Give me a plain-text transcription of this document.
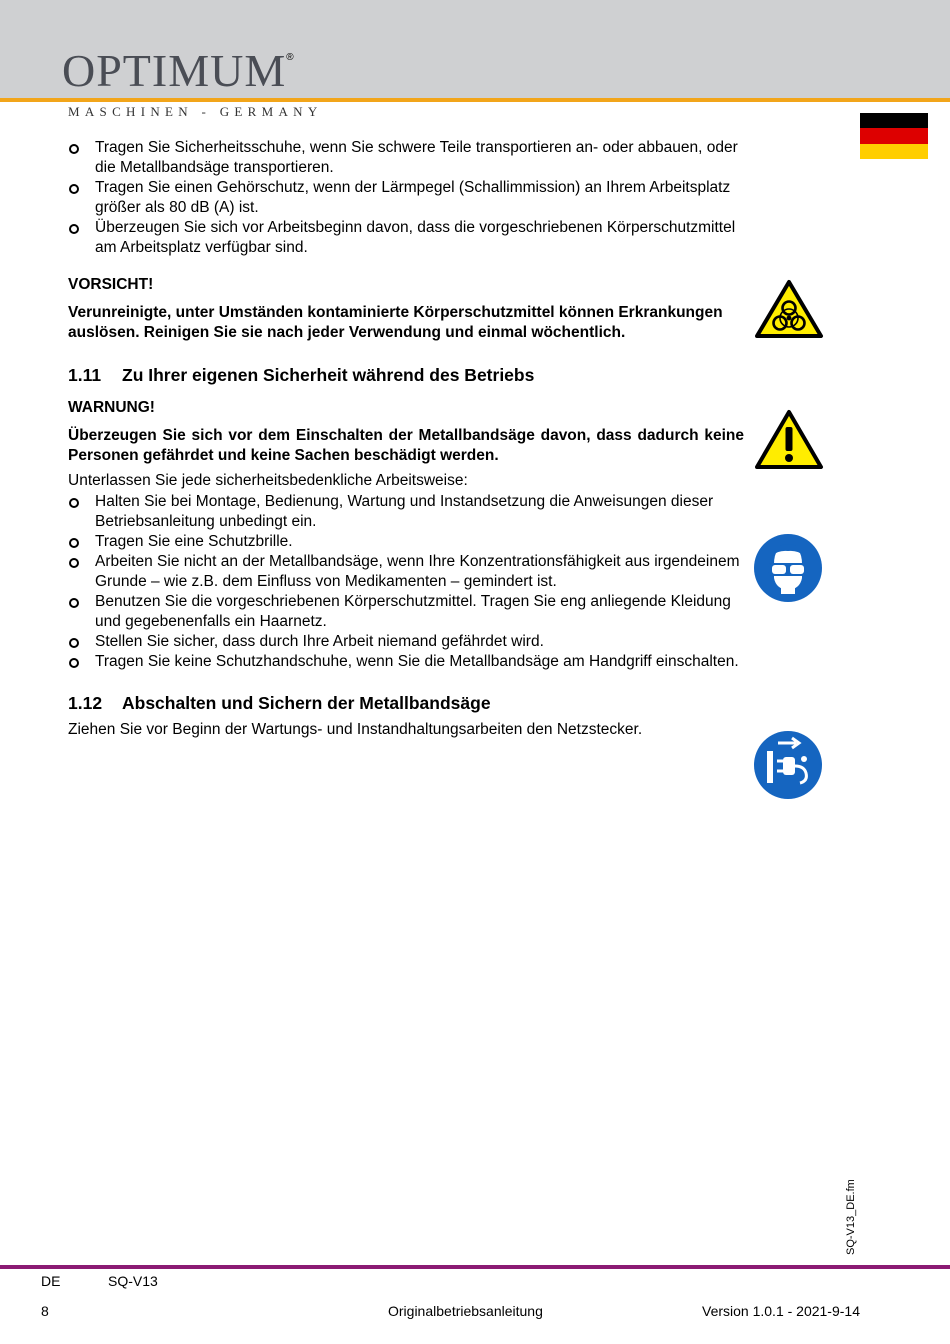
OPTIMUM®
MASCHINEN - GERMANY
Tragen Sie Sicherheitsschuhe, wenn Sie schwere Teile transportieren an- oder abbauen, oder die Metallbandsäge transportieren.
Tragen Sie einen Gehörschutz, wenn der Lärmpegel (Schallimmission) an Ihrem Arbeitsplatz größer als 80 dB (A) ist.
Überzeugen Sie sich vor Arbeitsbeginn davon, dass die vorgeschriebenen Körperschutzmittel am Arbeitsplatz verfügbar sind.
VORSICHT!
Verunreinigte, unter Umständen kontaminierte Körperschutzmittel können Erkrankungen auslösen. Reinigen Sie sie nach jeder Verwendung und einmal wöchentlich.
1.11 Zu Ihrer eigenen Sicherheit während des Betriebs
WARNUNG!
Überzeugen Sie sich vor dem Einschalten der Metallbandsäge davon, dass dadurch keine Personen gefährdet und keine Sachen beschädigt werden.
Unterlassen Sie jede sicherheitsbedenkliche Arbeitsweise:
Halten Sie bei Montage, Bedienung, Wartung und Instandsetzung die Anweisungen dieser Betriebsanleitung unbedingt ein.
Tragen Sie eine Schutzbrille.
Arbeiten Sie nicht an der Metallbandsäge, wenn Ihre Konzentrationsfähigkeit aus irgendeinem Grunde – wie z.B. dem Einfluss von Medikamenten – gemindert ist.
Benutzen Sie die vorgeschriebenen Körperschutzmittel. Tragen Sie eng anliegende Kleidung und gegebenenfalls ein Haarnetz.
Stellen Sie sicher, dass durch Ihre Arbeit niemand gefährdet wird.
Tragen Sie keine Schutzhandschuhe, wenn Sie die Metallbandsäge am Handgriff einschalten.
1.12 Abschalten und Sichern der Metallbandsäge
Ziehen Sie vor Beginn der Wartungs- und Instandhaltungsarbeiten den Netzstecker.
SQ-V13_DE.fm
DE	SQ-V13
8	Originalbetriebsanleitung	Version 1.0.1 - 2021-9-14
